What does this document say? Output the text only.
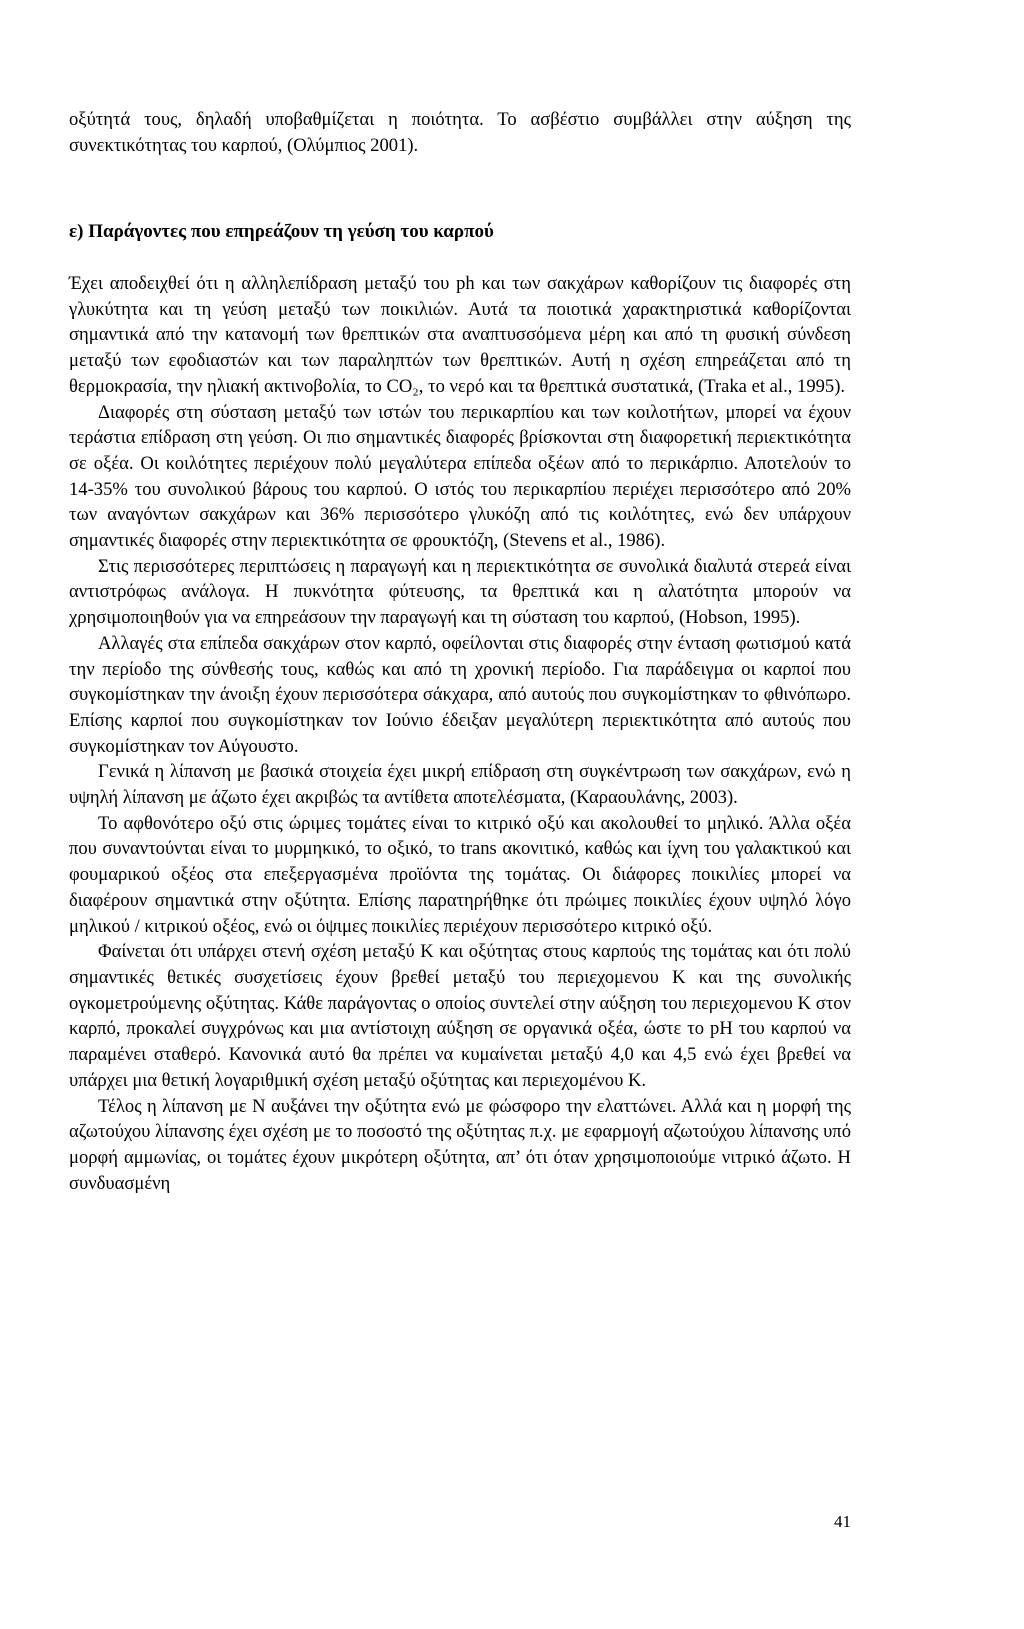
οξύτητά τους, δηλαδή υποβαθμίζεται η ποιότητα. Το ασβέστιο συμβάλλει στην αύξηση της συνεκτικότητας του καρπού, (Ολύμπιος 2001).

ε) Παράγοντες που επηρεάζουν τη γεύση του καρπού

Έχει αποδειχθεί ότι η αλληλεπίδραση μεταξύ του ph και των σακχάρων καθορίζουν τις διαφορές στη γλυκύτητα και τη γεύση μεταξύ των ποικιλιών. Αυτά τα ποιοτικά χαρακτηριστικά καθορίζονται σημαντικά από την κατανομή των θρεπτικών στα αναπτυσσόμενα μέρη και από τη φυσική σύνδεση μεταξύ των εφοδιαστών και των παραληπτών των θρεπτικών. Αυτή η σχέση επηρεάζεται από τη θερμοκρασία, την ηλιακή ακτινοβολία, το CO₂, το νερό και τα θρεπτικά συστατικά, (Traka et al., 1995).

Διαφορές στη σύσταση μεταξύ των ιστών του περικαρπίου και των κοιλοτήτων, μπορεί να έχουν τεράστια επίδραση στη γεύση. Οι πιο σημαντικές διαφορές βρίσκονται στη διαφορετική περιεκτικότητα σε οξέα. Οι κοιλότητες περιέχουν πολύ μεγαλύτερα επίπεδα οξέων από το περικάρπιο. Αποτελούν το 14-35% του συνολικού βάρους του καρπού. Ο ιστός του περικαρπίου περιέχει περισσότερο από 20% των αναγόντων σακχάρων και 36% περισσότερο γλυκόζη από τις κοιλότητες, ενώ δεν υπάρχουν σημαντικές διαφορές στην περιεκτικότητα σε φρουκτόζη, (Stevens et al., 1986).

Στις περισσότερες περιπτώσεις η παραγωγή και η περιεκτικότητα σε συνολικά διαλυτά στερεά είναι αντιστρόφως ανάλογα. Η πυκνότητα φύτευσης, τα θρεπτικά και η αλατότητα μπορούν να χρησιμοποιηθούν για να επηρεάσουν την παραγωγή και τη σύσταση του καρπού, (Hobson, 1995).

Αλλαγές στα επίπεδα σακχάρων στον καρπό, οφείλονται στις διαφορές στην ένταση φωτισμού κατά την περίοδο της σύνθεσής τους, καθώς και από τη χρονική περίοδο. Για παράδειγμα οι καρποί που συγκομίστηκαν την άνοιξη έχουν περισσότερα σάκχαρα, από αυτούς που συγκομίστηκαν το φθινόπωρο. Επίσης καρποί που συγκομίστηκαν τον Ιούνιο έδειξαν μεγαλύτερη περιεκτικότητα από αυτούς που συγκομίστηκαν τον Αύγουστο.

Γενικά η λίπανση με βασικά στοιχεία έχει μικρή επίδραση στη συγκέντρωση των σακχάρων, ενώ η υψηλή λίπανση με άζωτο έχει ακριβώς τα αντίθετα αποτελέσματα, (Καραουλάνης, 2003).

Το αφθονότερο οξύ στις ώριμες τομάτες είναι το κιτρικό οξύ και ακολουθεί το μηλικό. Άλλα οξέα που συναντούνται είναι το μυρμηκικό, το οξικό, το trans ακονιτικό, καθώς και ίχνη του γαλακτικού και φουμαρικού οξέος στα επεξεργασμένα προϊόντα της τομάτας. Οι διάφορες ποικιλίες μπορεί να διαφέρουν σημαντικά στην οξύτητα. Επίσης παρατηρήθηκε ότι πρώιμες ποικιλίες έχουν υψηλό λόγο μηλικού / κιτρικού οξέος, ενώ οι όψιμες ποικιλίες περιέχουν περισσότερο κιτρικό οξύ.

Φαίνεται ότι υπάρχει στενή σχέση μεταξύ Κ και οξύτητας στους καρπούς της τομάτας και ότι πολύ σημαντικές θετικές συσχετίσεις έχουν βρεθεί μεταξύ του περιεχομενου Κ και της συνολικής ογκομετρούμενης οξύτητας. Κάθε παράγοντας ο οποίος συντελεί στην αύξηση του περιεχομενου Κ στον καρπό, προκαλεί συγχρόνως και μια αντίστοιχη αύξηση σε οργανικά οξέα, ώστε το pH του καρπού να παραμένει σταθερό. Κανονικά αυτό θα πρέπει να κυμαίνεται μεταξύ 4,0 και 4,5 ενώ έχει βρεθεί να υπάρχει μια θετική λογαριθμική σχέση μεταξύ οξύτητας και περιεχομένου Κ.

Τέλος η λίπανση με Ν αυξάνει την οξύτητα ενώ με φώσφορο την ελαττώνει. Αλλά και η μορφή της αζωτούχου λίπανσης έχει σχέση με το ποσοστό της οξύτητας π.χ. με εφαρμογή αζωτούχου λίπανσης υπό μορφή αμμωνίας, οι τομάτες έχουν μικρότερη οξύτητα, απ’ ότι όταν χρησιμοποιούμε νιτρικό άζωτο. Η συνδυασμένη

41
